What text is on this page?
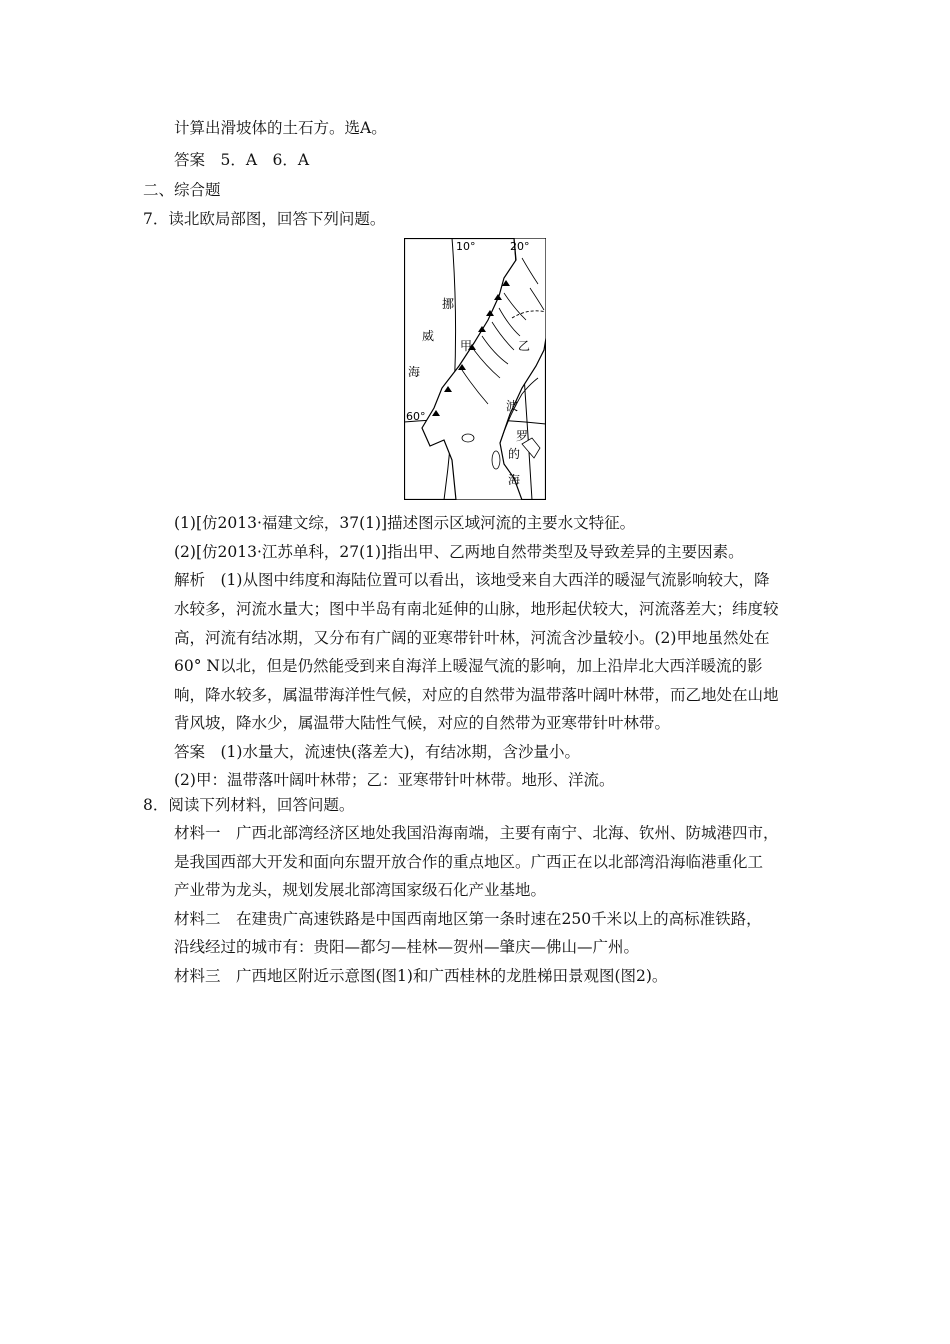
计算出滑坡体的土石方。选A。
答案　5．A　6．A
二、综合题
7．读北欧局部图，回答下列问题。
10°	20°
60°
挪
威
海
甲	乙
波
罗
的
海
(1)[仿2013·福建文综，37(1)]描述图示区域河流的主要水文特征。
(2)[仿2013·江苏单科，27(1)]指出甲、乙两地自然带类型及导致差异的主要因素。
解析　(1)从图中纬度和海陆位置可以看出，该地受来自大西洋的暖湿气流影响较大，降
水较多，河流水量大；图中半岛有南北延伸的山脉，地形起伏较大，河流落差大；纬度较
高，河流有结冰期，又分布有广阔的亚寒带针叶林，河流含沙量较小。(2)甲地虽然处在
60° N以北，但是仍然能受到来自海洋上暖湿气流的影响，加上沿岸北大西洋暖流的影
响，降水较多，属温带海洋性气候，对应的自然带为温带落叶阔叶林带，而乙地处在山地
背风坡，降水少，属温带大陆性气候，对应的自然带为亚寒带针叶林带。
答案　(1)水量大，流速快(落差大)，有结冰期，含沙量小。
(2)甲：温带落叶阔叶林带；乙：亚寒带针叶林带。地形、洋流。
8．阅读下列材料，回答问题。
材料一　广西北部湾经济区地处我国沿海南端，主要有南宁、北海、钦州、防城港四市，
是我国西部大开发和面向东盟开放合作的重点地区。广西正在以北部湾沿海临港重化工
产业带为龙头，规划发展北部湾国家级石化产业基地。
材料二　在建贵广高速铁路是中国西南地区第一条时速在250千米以上的高标准铁路，
沿线经过的城市有：贵阳—都匀—桂林—贺州—肇庆—佛山—广州。
材料三　广西地区附近示意图(图1)和广西桂林的龙胜梯田景观图(图2)。
